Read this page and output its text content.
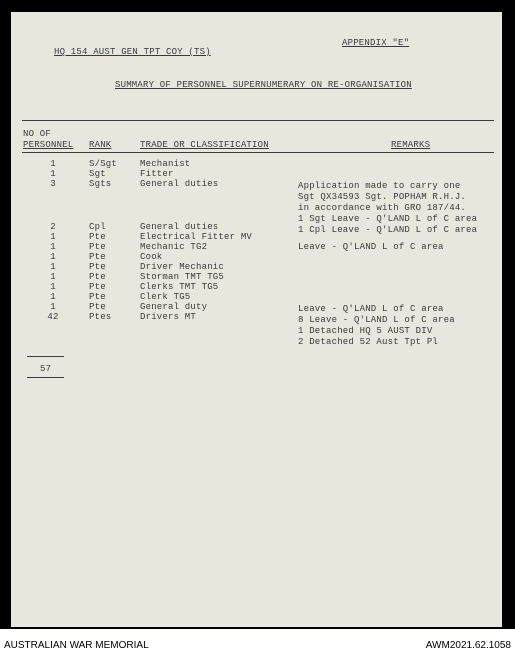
HQ 154 AUST GEN TPT COY (TS)
APPENDIX "E"
SUMMARY OF PERSONNEL SUPERNUMERARY ON RE-ORGANISATION
NO OF
PERSONNEL RANK	TRADE OR CLASSIFICATION	REMARKS
1	S/Sgt	Mechanist
1	Sgt	Fitter
3	Sgts	General duties	Application made to carry one
Sgt QX34593 Sgt. POPHAM R.H.J.
in accordance with GRO 187/44.
1 Sgt Leave - Q'LAND L of C area
1 Cpl Leave - Q'LAND L of C area
2	Cpl	General duties
1	Pte	Electrical Fitter MV
1	Pte	Mechanic TG2	Leave - Q'LAND L of C area
1	Pte	Cook
1	Pte	Driver Mechanic
1	Pte	Storman TMT TG5
1	Pte	Clerks TMT TG5
1	Pte	Clerk TG5
1	Pte	General duty	Leave - Q'LAND L of C area
42	Ptes	Drivers MT	8 Leave - Q'LAND L of C area
1 Detached HQ 5 AUST DIV
2 Detached 52 Aust Tpt Pl
57
AUSTRALIAN WAR MEMORIAL	AWM2021.62.1058
